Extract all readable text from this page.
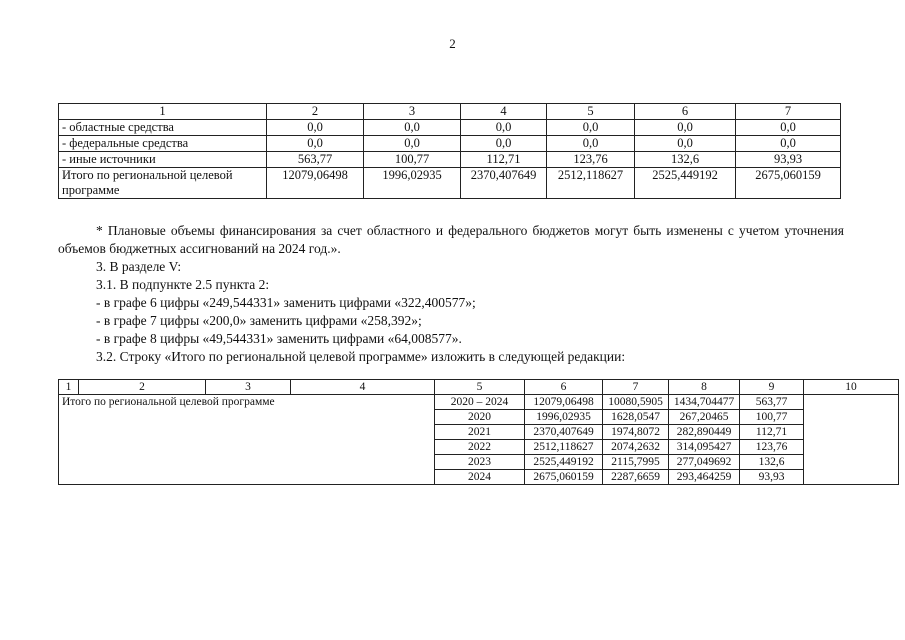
2
1	2	3	4	5	6	7
- областные средства	0,0	0,0	0,0	0,0	0,0	0,0
- федеральные средства	0,0	0,0	0,0	0,0	0,0	0,0
- иные источники	563,77	100,77	112,71	123,76	132,6	93,93
Итого по региональной целевой программе	12079,06498	1996,02935	2370,407649	2512,118627	2525,449192	2675,060159

* Плановые объемы финансирования за счет областного и федерального бюджетов могут быть изменены с учетом уточнения объемов бюджетных ассигнований на 2024 год.».

3. В разделе V:

3.1. В подпункте 2.5 пункта 2:

- в графе 6 цифры «249,544331» заменить цифрами «322,400577»;

- в графе 7 цифры «200,0» заменить цифрами «258,392»;

- в графе 8 цифры «49,544331» заменить цифрами «64,008577».

3.2. Строку «Итого по региональной целевой программе» изложить в следующей редакции:

1	2	3	4	5	6	7	8	9	10
Итого по региональной целевой программе				2020 – 2024	12079,06498	10080,5905	1434,704477	563,77	
				2020	1996,02935	1628,0547	267,20465	100,77	
				2021	2370,407649	1974,8072	282,890449	112,71	
				2022	2512,118627	2074,2632	314,095427	123,76	
				2023	2525,449192	2115,7995	277,049692	132,6	
				2024	2675,060159	2287,6659	293,464259	93,93	
